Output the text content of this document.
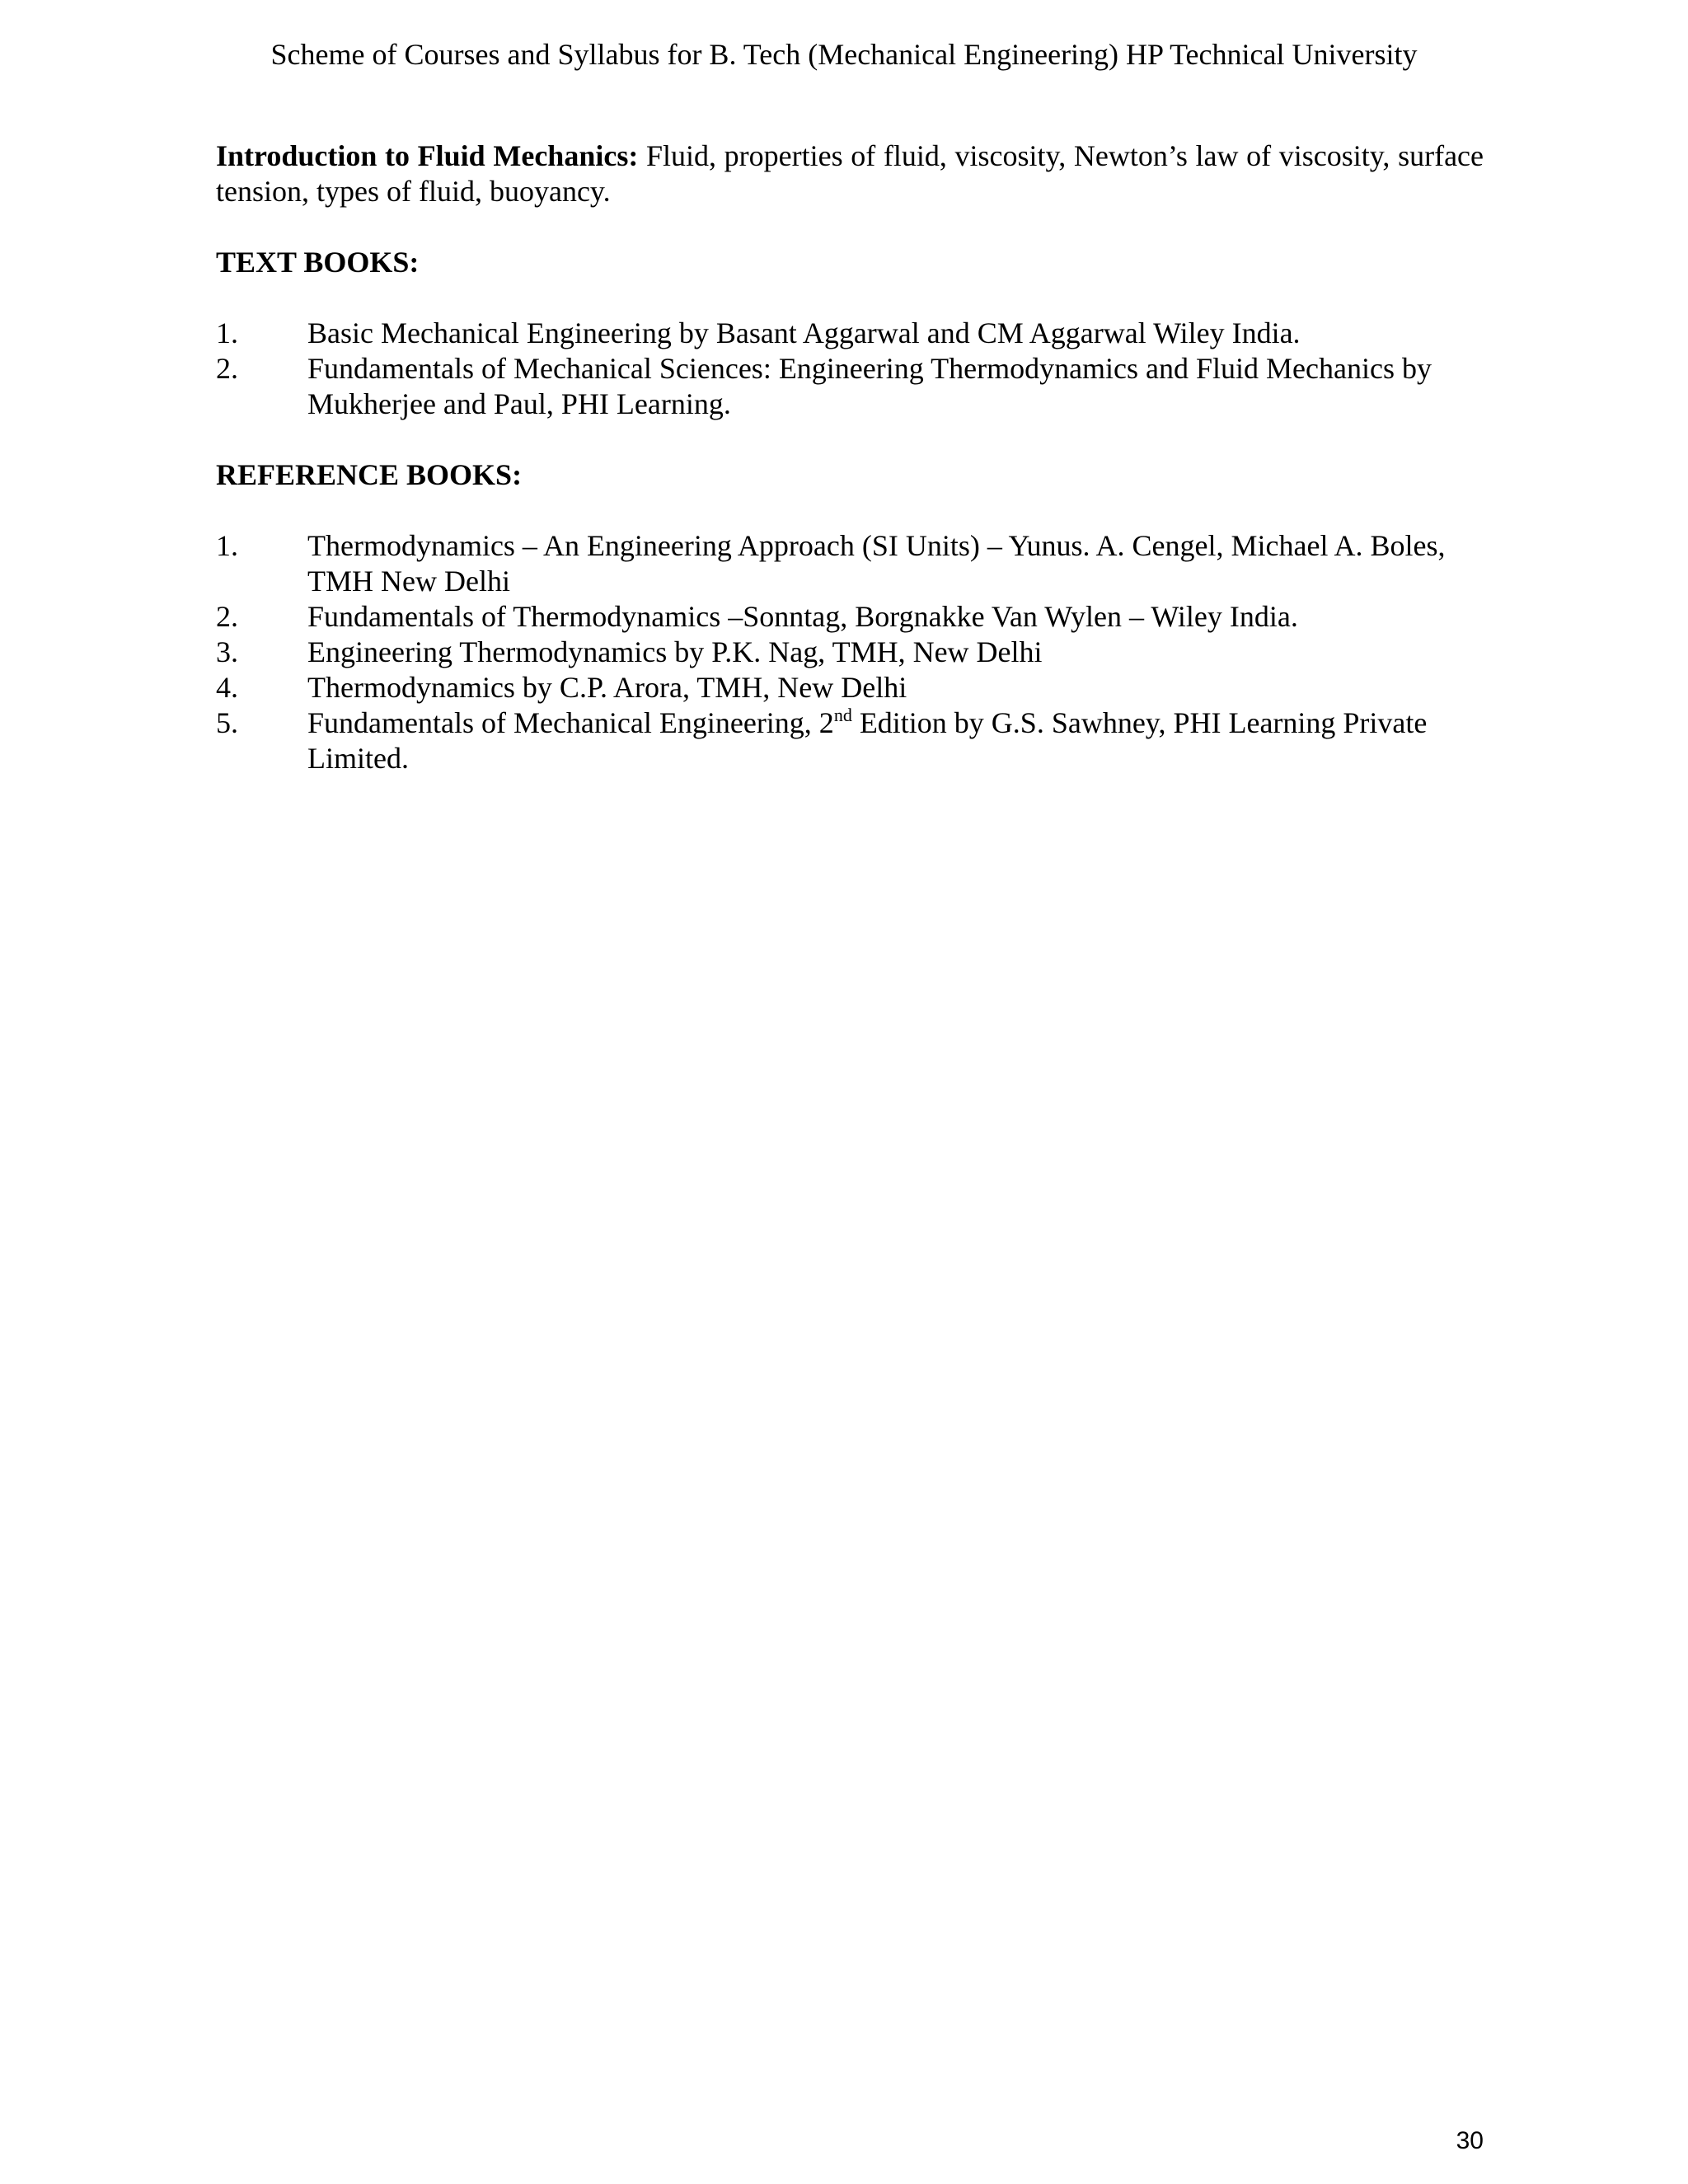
Scheme of Courses and Syllabus for B. Tech (Mechanical Engineering) HP Technical University

Introduction to Fluid Mechanics: Fluid, properties of fluid, viscosity, Newton’s law of viscosity, surface tension, types of fluid, buoyancy.

TEXT BOOKS:
1.	Basic Mechanical Engineering by Basant Aggarwal and CM Aggarwal Wiley India.
2.	Fundamentals of Mechanical Sciences: Engineering Thermodynamics and Fluid Mechanics by Mukherjee and Paul, PHI Learning.
REFERENCE BOOKS:
1.	Thermodynamics – An Engineering Approach (SI Units) – Yunus. A. Cengel, Michael A. Boles, TMH New Delhi
2.	Fundamentals of Thermodynamics –Sonntag, Borgnakke Van Wylen – Wiley India.
3.	Engineering Thermodynamics by P.K. Nag, TMH, New Delhi
4.	Thermodynamics by C.P. Arora, TMH, New Delhi
5.	Fundamentals of Mechanical Engineering, 2nd Edition by G.S. Sawhney, PHI Learning Private Limited.
30
